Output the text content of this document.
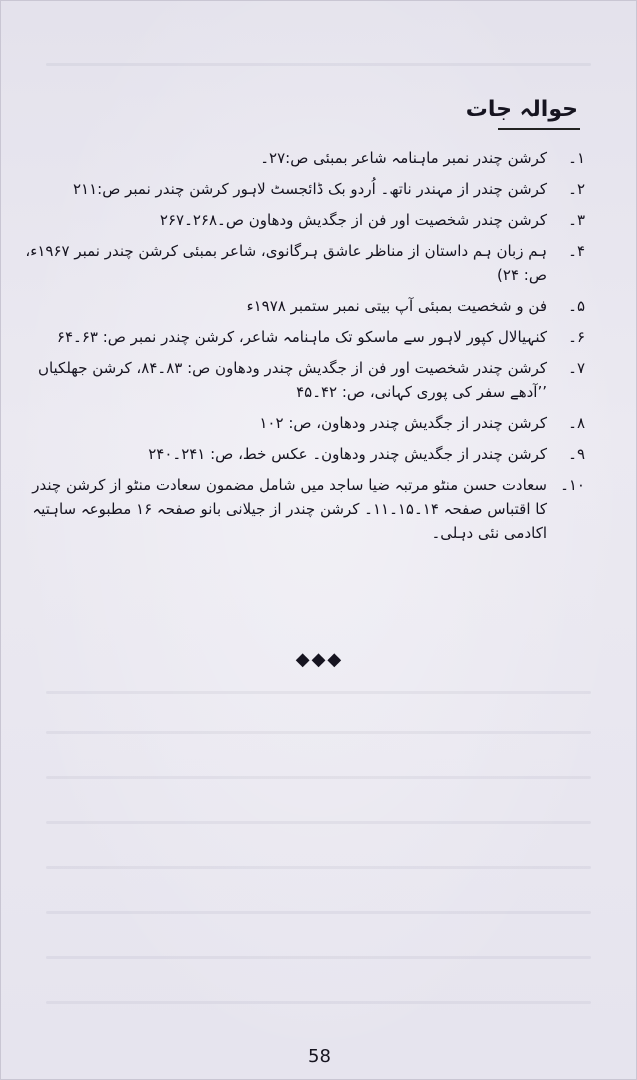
حوالہ جات
۱۔
کرشن چندر نمبر ماہنامہ شاعر بمبئی ص:۲۷۔
۲۔
کرشن چندر از مہندر ناتھ۔ اُردو بک ڈائجسٹ لاہور کرشن چندر نمبر ص:۲۱۱
۳۔
کرشن چندر شخصیت اور فن از جگدیش ودھاون ص۔۲۶۸۔۲۶۷
۴۔
ہم زبان ہم داستان از مناظر عاشق ہرگانوی، شاعر بمبئی کرشن چندر نمبر ۱۹۶۷ء، ص: ۲۴)
۵۔
فن و شخصیت بمبئی آپ بیتی نمبر ستمبر ۱۹۷۸ء
۶۔
کنہیالال کپور لاہور سے ماسکو تک ماہنامہ شاعر، کرشن چندر نمبر ص: ۶۳۔۶۴
۷۔
کرشن چندر شخصیت اور فن از جگدیش چندر ودھاون ص: ۸۳۔۸۴، کرشن جھلکیاں ’’آدھے سفر کی پوری کہانی، ص: ۴۲۔۴۵
۸۔
کرشن چندر از جگدیش چندر ودھاون، ص: ۱۰۲
۹۔
کرشن چندر از جگدیش چندر ودھاون۔ عکس خط، ص: ۲۴۱۔۲۴۰
۱۰۔
سعادت حسن منٹو مرتبہ ضیا ساجد میں شامل مضمون سعادت منٹو از کرشن چندر کا اقتباس صفحہ ۱۴۔۱۵۔۱۱۔ کرشن چندر از جیلانی بانو صفحہ ۱۶ مطبوعہ ساہتیہ اکادمی نئی دہلی۔
◆◆◆
58
